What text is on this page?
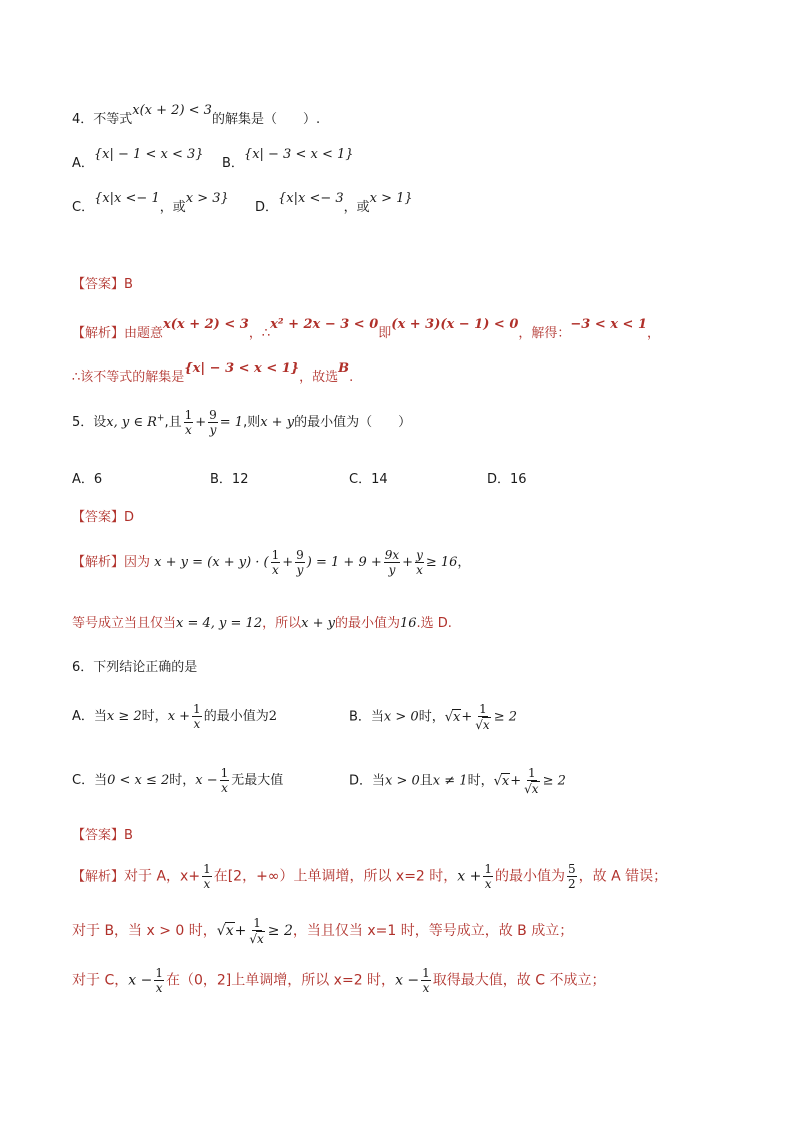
4．不等式x(x + 2) < 3的解集是（　　）.
A．{x| − 1 < x < 3}
B．{x| − 3 < x < 1}
C．{x|x <− 1，或x > 3}
D．{x|x <− 3，或x > 1}
【答案】B
【解析】由题意x(x + 2) < 3，∴x² + 2x − 3 < 0即(x + 3)(x − 1) < 0，解得：−3 < x < 1，
∴该不等式的解集是{x| − 3 < x < 1}，故选B.
5．设x, y ∈ R+,且 $\frac{1}{x} + \frac{9}{y} = 1$,则x + y的最小值为（　　）
A．6	B．12	C．14	D．16
【答案】D
【解析】因为 x + y = (x + y) · ( $\frac{1}{x} + \frac{9}{y}$ ) = $1 + 9 + \frac{9x}{y} + \frac{y}{x} \ge 16$，
等号成立当且仅当x = 4, y = 12，所以x + y的最小值为16.选 D.
6．下列结论正确的是
A．当x ≥ 2时，$x + \frac{1}{x}$ 的最小值为2	B．当x > 0时，$√x+ \frac{1}{√x} \ge 2$
C．当0 < x ≤ 2时，$x - \frac{1}{x}$ 无最大值	D．当x > 0且x ≠ 1时，$√x+ \frac{1}{√x} \ge 2$
【答案】B
【解析】对于 A，$x+ \frac{1}{x}$ 在[2，+∞）上单调增，所以 x=2 时，$x + \frac{1}{x}$ 的最小值为 $\frac{5}{2}$ ，故 A 错误；
对于 B，当 x > 0 时，$√x+ \frac{1}{√x} \ge 2$，当且仅当 x=1 时，等号成立，故 B 成立；
对于 C，$x - \frac{1}{x}$ 在（0，2]上单调增，所以 x=2 时，$x - \frac{1}{x}$ 取得最大值，故 C 不成立；
